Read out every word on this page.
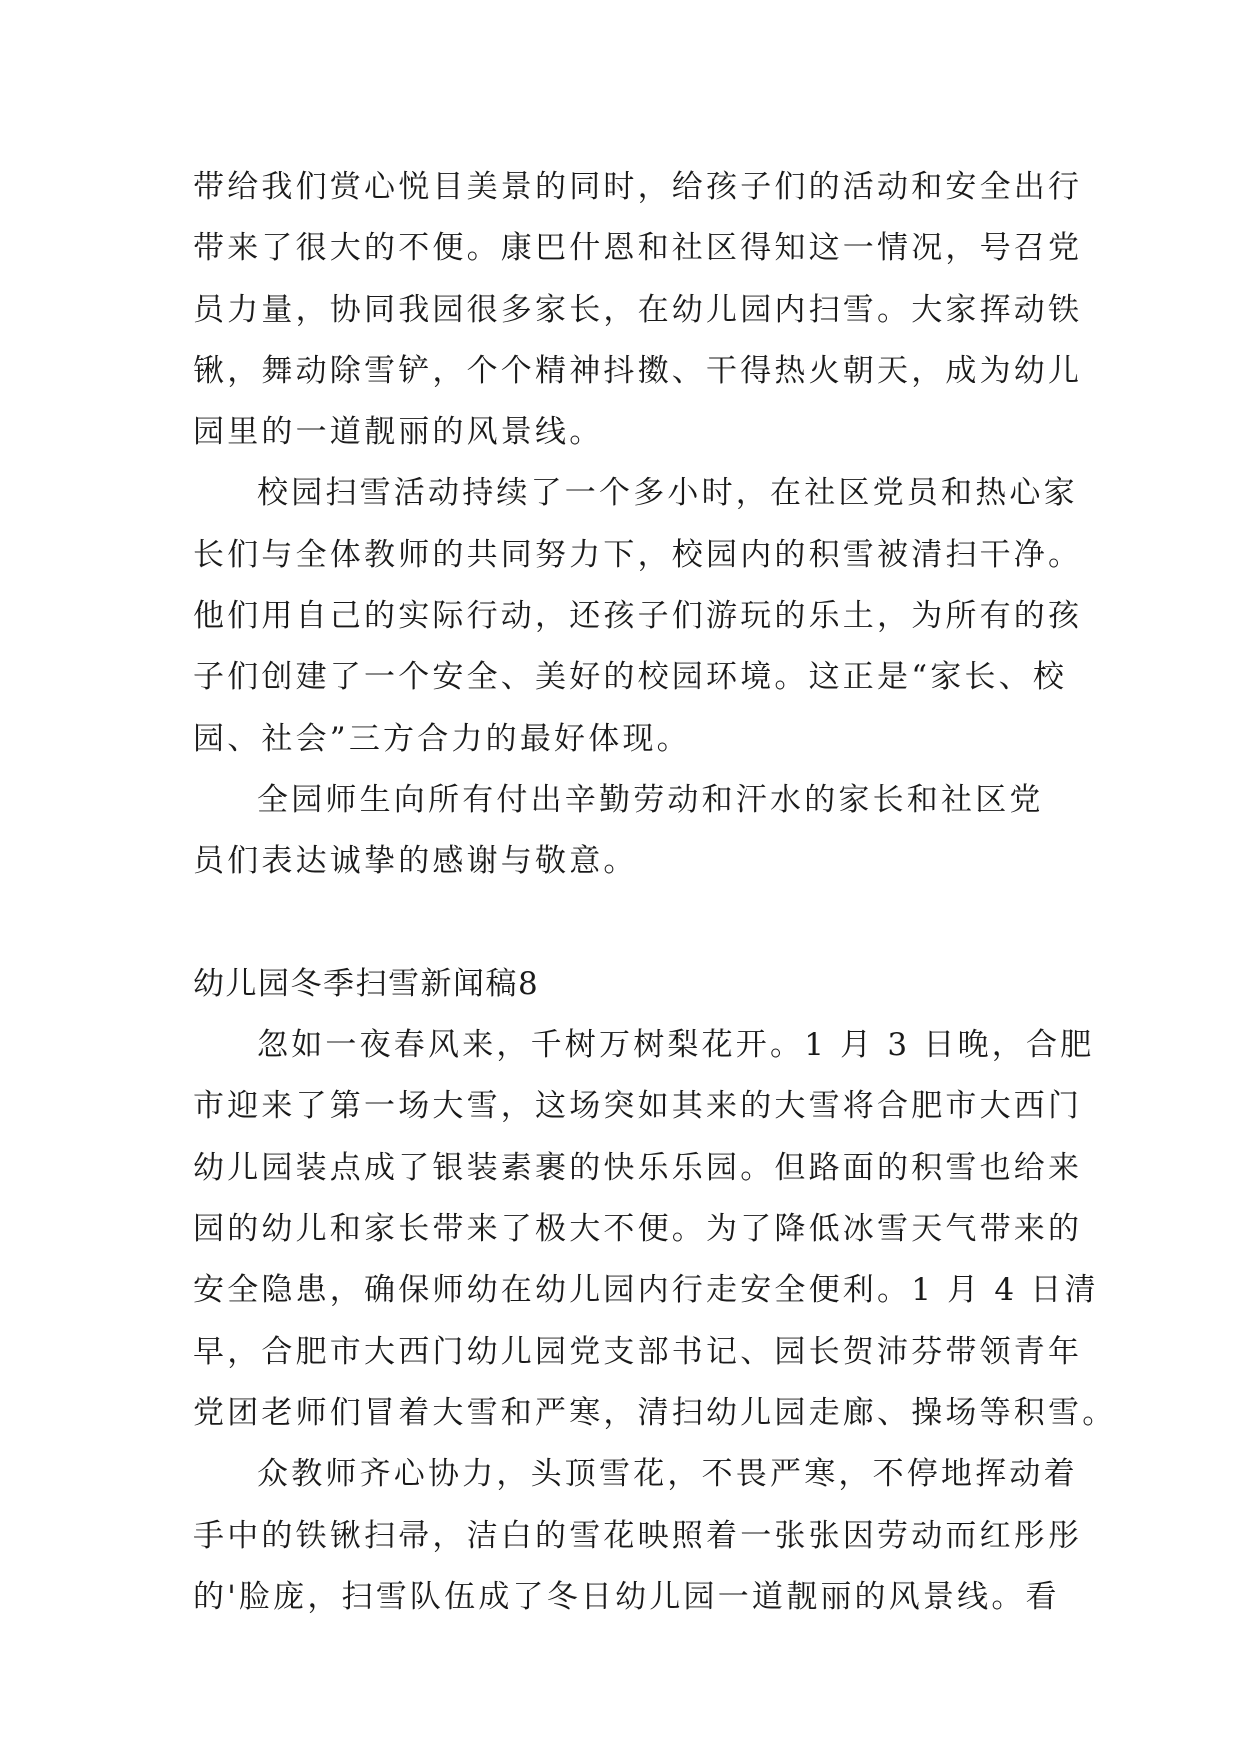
带给我们赏心悦目美景的同时，给孩子们的活动和安全出行
带来了很大的不便。康巴什恩和社区得知这一情况，号召党
员力量，协同我园很多家长，在幼儿园内扫雪。大家挥动铁
锹，舞动除雪铲，个个精神抖擞、干得热火朝天，成为幼儿
园里的一道靓丽的风景线。
校园扫雪活动持续了一个多小时，在社区党员和热心家
长们与全体教师的共同努力下，校园内的积雪被清扫干净。
他们用自己的实际行动，还孩子们游玩的乐土，为所有的孩
子们创建了一个安全、美好的校园环境。这正是“家长、校
园、社会”三方合力的最好体现。
全园师生向所有付出辛勤劳动和汗水的家长和社区党
员们表达诚挚的感谢与敬意。
幼儿园冬季扫雪新闻稿8
忽如一夜春风来，千树万树梨花开。1 月 3 日晚，合肥
市迎来了第一场大雪，这场突如其来的大雪将合肥市大西门
幼儿园装点成了银装素裹的快乐乐园。但路面的积雪也给来
园的幼儿和家长带来了极大不便。为了降低冰雪天气带来的
安全隐患，确保师幼在幼儿园内行走安全便利。1 月 4 日清
早，合肥市大西门幼儿园党支部书记、园长贺沛芬带领青年
党团老师们冒着大雪和严寒，清扫幼儿园走廊、操场等积雪。
众教师齐心协力，头顶雪花，不畏严寒，不停地挥动着
手中的铁锹扫帚，洁白的雪花映照着一张张因劳动而红彤彤
的'脸庞，扫雪队伍成了冬日幼儿园一道靓丽的风景线。看
